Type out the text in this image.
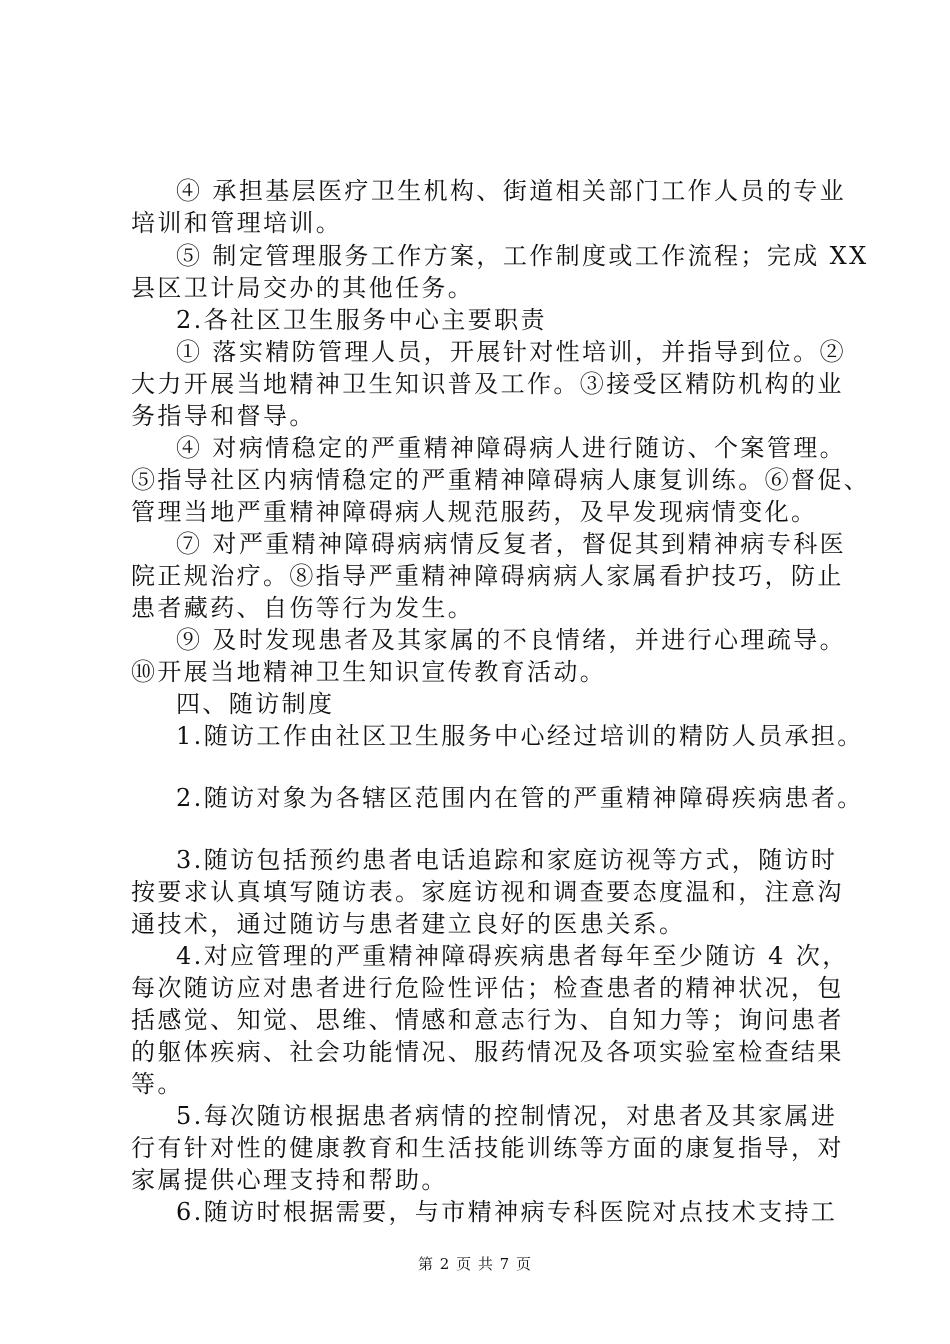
④ 承担基层医疗卫生机构、街道相关部门工作人员的专业
培训和管理培训。
⑤ 制定管理服务工作方案，工作制度或工作流程；完成 XX
县区卫计局交办的其他任务。
2.各社区卫生服务中心主要职责
① 落实精防管理人员，开展针对性培训，并指导到位。②
大力开展当地精神卫生知识普及工作。③接受区精防机构的业
务指导和督导。
④ 对病情稳定的严重精神障碍病人进行随访、个案管理。
⑤指导社区内病情稳定的严重精神障碍病人康复训练。⑥督促、
管理当地严重精神障碍病人规范服药，及早发现病情变化。
⑦ 对严重精神障碍病病情反复者，督促其到精神病专科医
院正规治疗。⑧指导严重精神障碍病病人家属看护技巧，防止
患者藏药、自伤等行为发生。
⑨ 及时发现患者及其家属的不良情绪，并进行心理疏导。
⑩开展当地精神卫生知识宣传教育活动。
四、随访制度
1.随访工作由社区卫生服务中心经过培训的精防人员承担。
2.随访对象为各辖区范围内在管的严重精神障碍疾病患者。
3.随访包括预约患者电话追踪和家庭访视等方式，随访时
按要求认真填写随访表。家庭访视和调查要态度温和，注意沟
通技术，通过随访与患者建立良好的医患关系。
4.对应管理的严重精神障碍疾病患者每年至少随访 4 次，
每次随访应对患者进行危险性评估；检查患者的精神状况，包
括感觉、知觉、思维、情感和意志行为、自知力等；询问患者
的躯体疾病、社会功能情况、服药情况及各项实验室检查结果
等。
5.每次随访根据患者病情的控制情况，对患者及其家属进
行有针对性的健康教育和生活技能训练等方面的康复指导，对
家属提供心理支持和帮助。
6.随访时根据需要，与市精神病专科医院对点技术支持工
第 2 页 共 7 页
